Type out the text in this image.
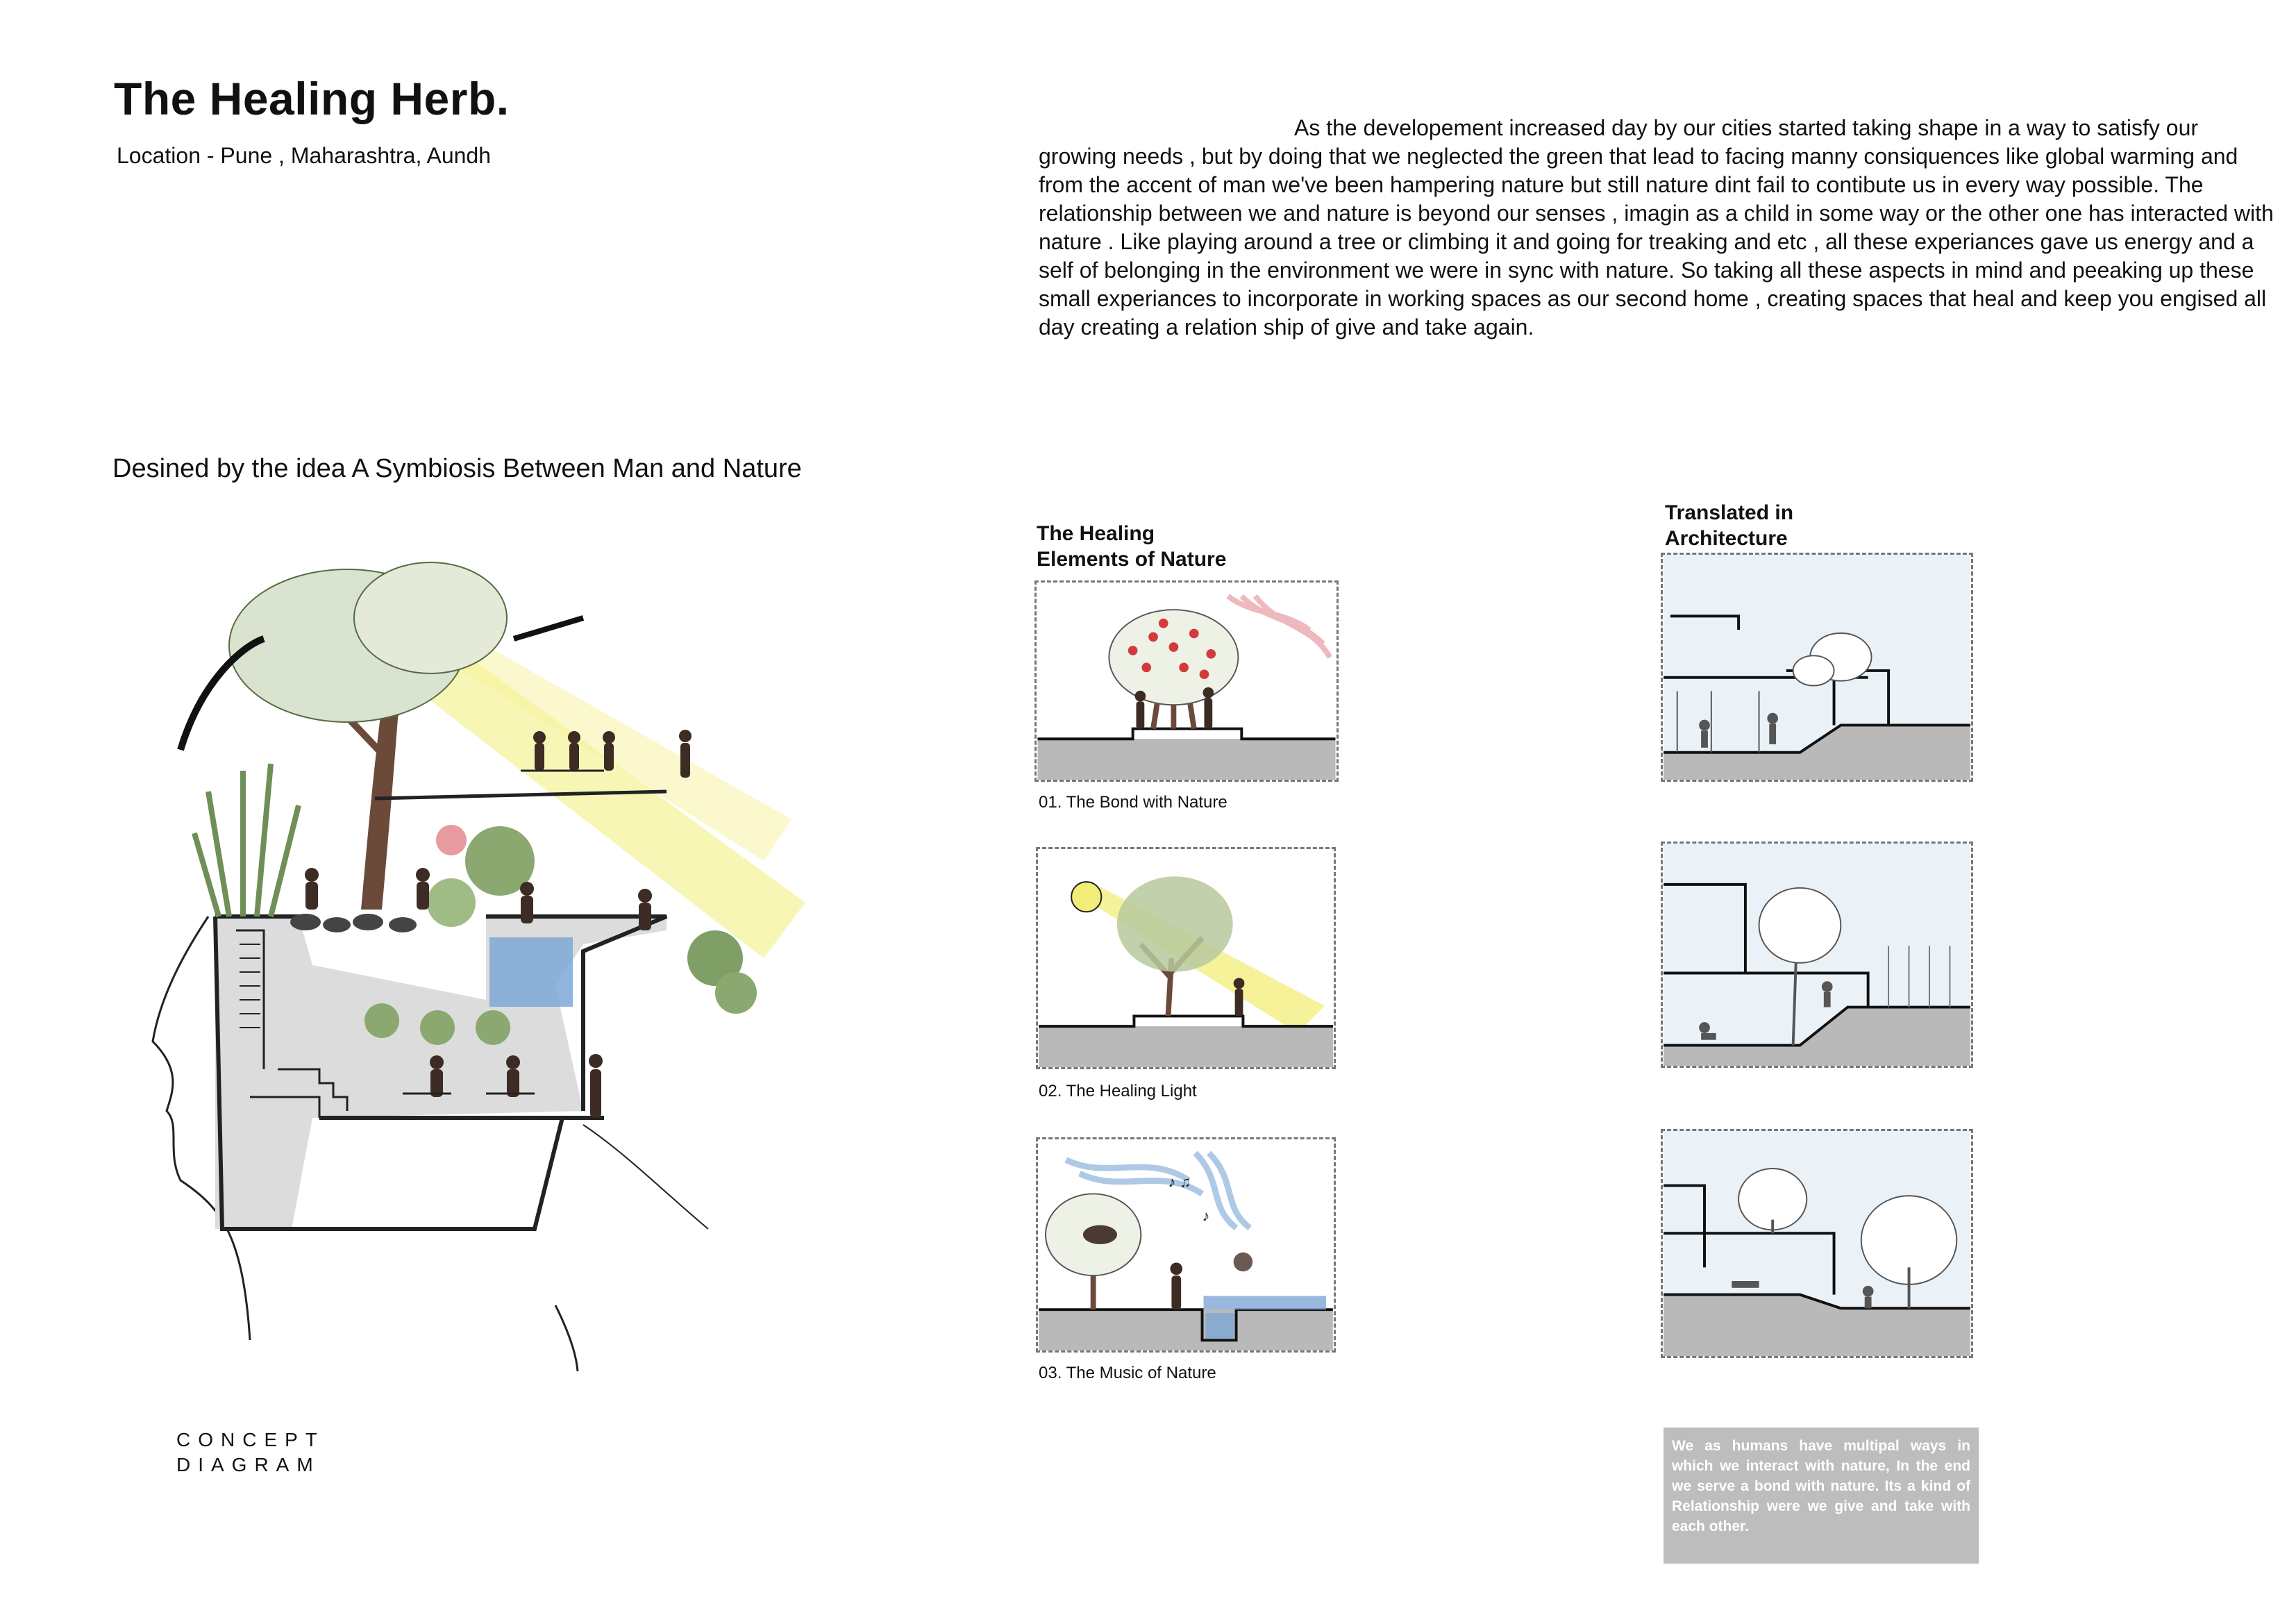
The Healing Herb.
Location - Pune , Maharashtra, Aundh
As the developement increased day by our cities started taking shape in a way to satisfy our growing needs , but by doing that we neglected the green that lead to facing manny consiquences like global warming and from the accent of man we've been hampering nature but still nature dint fail to contibute us in every way possible. The relationship between we and nature is beyond our senses , imagin as a child in some way or the other one has interacted with nature . Like playing around a tree or climbing it and going for treaking and etc , all these experiances gave us energy and a self of belonging in the environment we were in sync with nature. So taking all these aspects in mind and peeaking up these small experiances to incorporate in working spaces as our second home , creating spaces that heal and keep you engised all day creating a relation ship of give and take again.
Desined by the idea A Symbiosis Between Man and Nature
CONCEPT
DIAGRAM
The Healing
Elements of Nature
Translated in
Architecture
01. The Bond with Nature
02. The Healing Light
♪ ♫
♪
03. The Music of Nature
We as humans have multipal ways in which we interact with nature, In the end we serve a bond with nature. Its a kind of Relationship were we give and take with each other.
